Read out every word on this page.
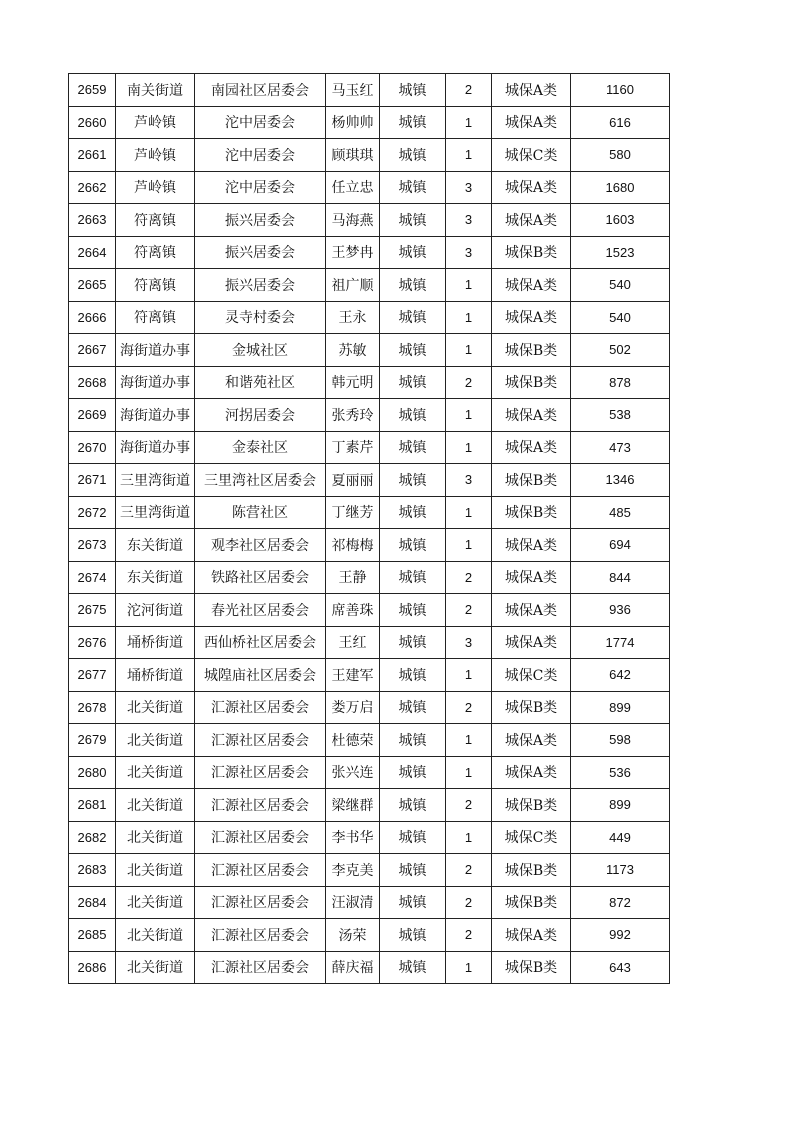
2659	南关街道	南园社区居委会	马玉红	城镇	2	城保A类	1160
2660	芦岭镇	沱中居委会	杨帅帅	城镇	1	城保A类	616
2661	芦岭镇	沱中居委会	顾琪琪	城镇	1	城保C类	580
2662	芦岭镇	沱中居委会	任立忠	城镇	3	城保A类	1680
2663	符离镇	振兴居委会	马海燕	城镇	3	城保A类	1603
2664	符离镇	振兴居委会	王梦冉	城镇	3	城保B类	1523
2665	符离镇	振兴居委会	祖广顺	城镇	1	城保A类	540
2666	符离镇	灵寺村委会	王永	城镇	1	城保A类	540
2667	海街道办事	金城社区	苏敏	城镇	1	城保B类	502
2668	海街道办事	和谐苑社区	韩元明	城镇	2	城保B类	878
2669	海街道办事	河拐居委会	张秀玲	城镇	1	城保A类	538
2670	海街道办事	金泰社区	丁素芹	城镇	1	城保A类	473
2671	三里湾街道	三里湾社区居委会	夏丽丽	城镇	3	城保B类	1346
2672	三里湾街道	陈营社区	丁继芳	城镇	1	城保B类	485
2673	东关街道	观李社区居委会	祁梅梅	城镇	1	城保A类	694
2674	东关街道	铁路社区居委会	王静	城镇	2	城保A类	844
2675	沱河街道	春光社区居委会	席善珠	城镇	2	城保A类	936
2676	埇桥街道	西仙桥社区居委会	王红	城镇	3	城保A类	1774
2677	埇桥街道	城隍庙社区居委会	王建军	城镇	1	城保C类	642
2678	北关街道	汇源社区居委会	娄万启	城镇	2	城保B类	899
2679	北关街道	汇源社区居委会	杜德荣	城镇	1	城保A类	598
2680	北关街道	汇源社区居委会	张兴连	城镇	1	城保A类	536
2681	北关街道	汇源社区居委会	梁继群	城镇	2	城保B类	899
2682	北关街道	汇源社区居委会	李书华	城镇	1	城保C类	449
2683	北关街道	汇源社区居委会	李克美	城镇	2	城保B类	1173
2684	北关街道	汇源社区居委会	汪淑清	城镇	2	城保B类	872
2685	北关街道	汇源社区居委会	汤荣	城镇	2	城保A类	992
2686	北关街道	汇源社区居委会	薛庆福	城镇	1	城保B类	643
